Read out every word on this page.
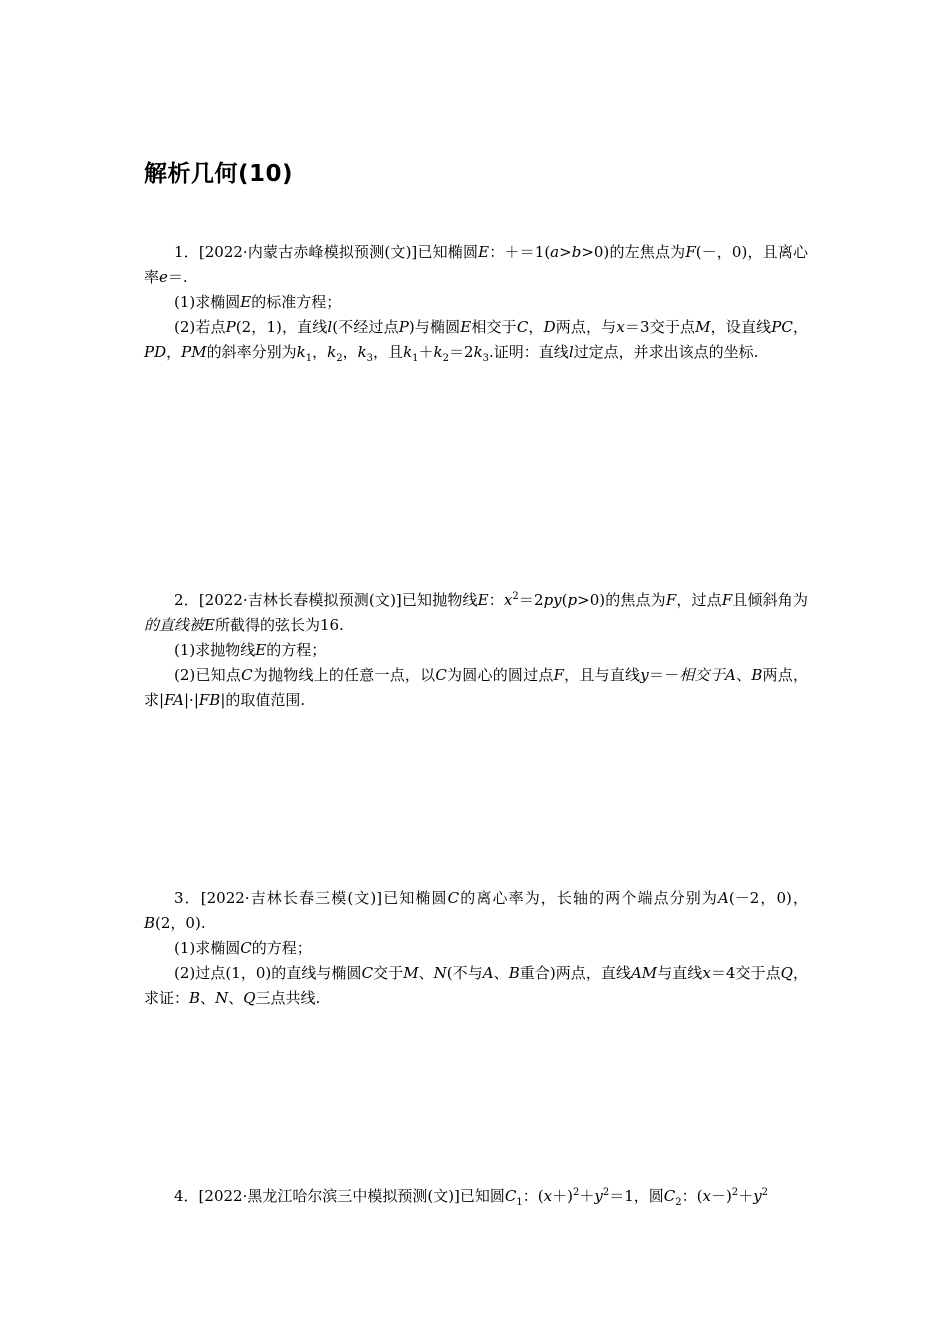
解析几何(10)

1．[2022·内蒙古赤峰模拟预测(文)]已知椭圆E：＋＝1(a>b>0)的左焦点为F(－，0)，且离心率e＝.

(1)求椭圆E的标准方程；

(2)若点P(2，1)，直线l(不经过点P)与椭圆E相交于C，D两点，与x＝3交于点M，设直线PC，PD，PM的斜率分别为$k_1$，$k_2$，$k_3$，且$k_1+k_2=2k_3$.证明：直线l过定点，并求出该点的坐标.

2．[2022·吉林长春模拟预测(文)]已知抛物线E：$x^2=2py(p>0)$的焦点为F，过点F且倾斜角为的直线被E所截得的弦长为16.

(1)求抛物线E的方程；

(2)已知点C为抛物线上的任意一点，以C为圆心的圆过点F，且与直线y＝－相交于A、B两点，求|FA|·|FB|的取值范围.

3．[2022·吉林长春三模(文)]已知椭圆C的离心率为，长轴的两个端点分别为A(－2，0)，B(2，0).

(1)求椭圆C的方程；

(2)过点(1，0)的直线与椭圆C交于M、N(不与A、B重合)两点，直线AM与直线x＝4交于点Q，求证：B、N、Q三点共线.

4．[2022·黑龙江哈尔滨三中模拟预测(文)]已知圆$C_1$：$(x+)^2+y^2=1$，圆$C_2$：$(x-)^2+y^2$
